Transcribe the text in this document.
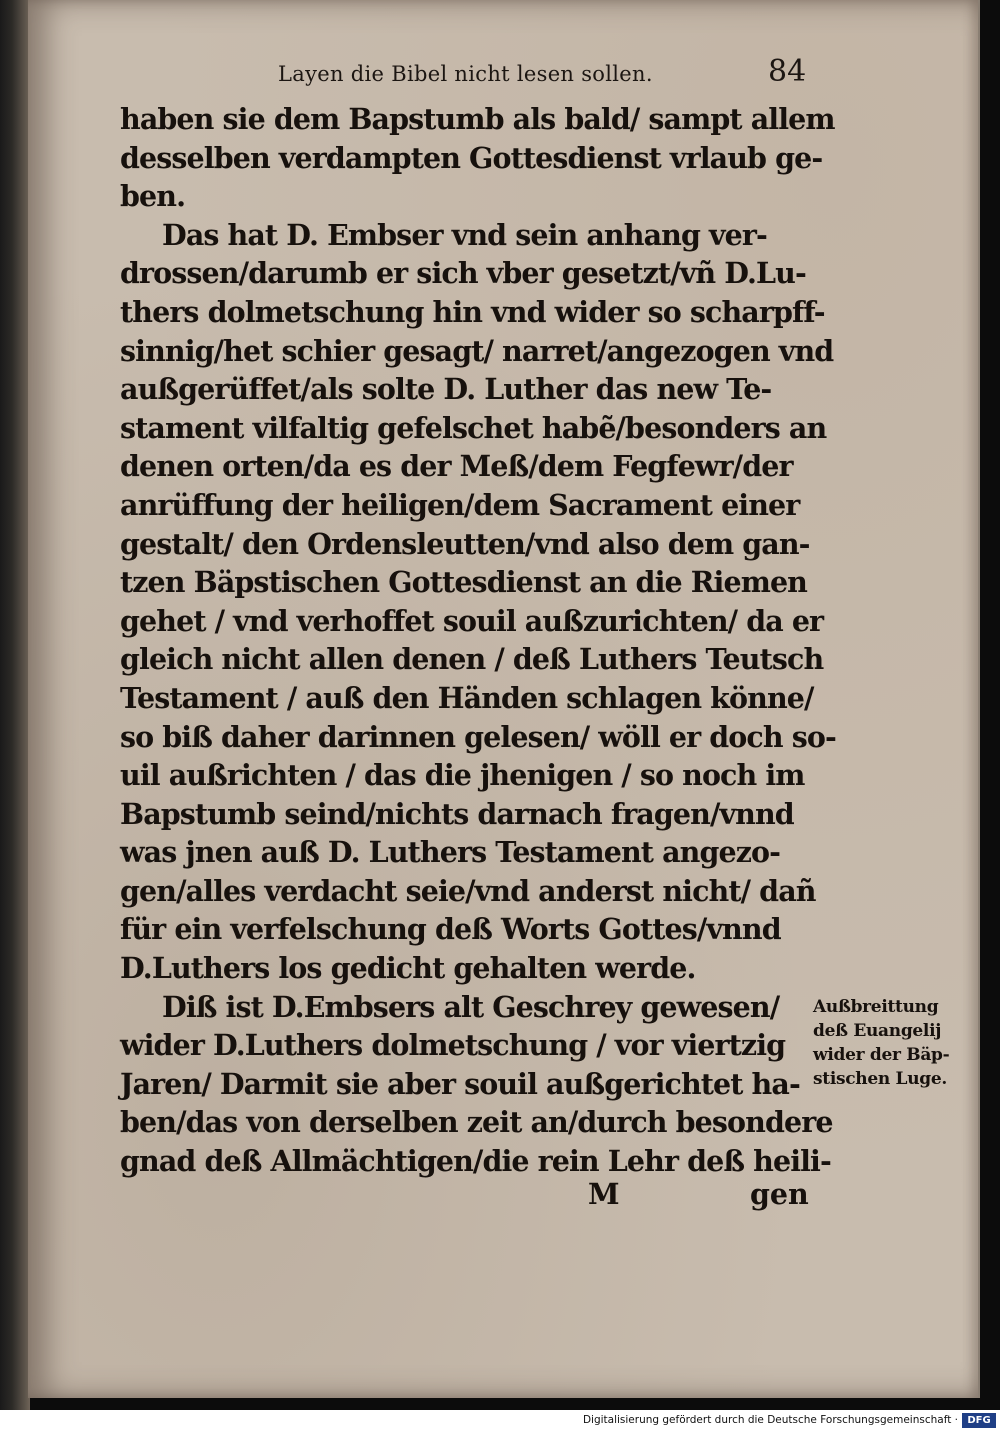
Layen die Bibel nicht lesen sollen.	84
haben sie dem Bapstumb als bald/ sampt allem
desselben verdampten Gottesdienst vrlaub ge-
ben.
Das hat D. Embser vnd sein anhang ver-
drossen/darumb er sich vber gesetzt/vñ D.Lu-
thers dolmetschung hin vnd wider so scharpff-
sinnig/het schier gesagt/ narret/angezogen vnd
außgerüffet/als solte D. Luther das new Te-
stament vilfaltig gefelschet habẽ/besonders an
denen orten/da es der Meß/dem Fegfewr/der
anrüffung der heiligen/dem Sacrament einer
gestalt/ den Ordensleutten/vnd also dem gan-
tzen Bäpstischen Gottesdienst an die Riemen
gehet / vnd verhoffet souil außzurichten/ da er
gleich nicht allen denen / deß Luthers Teutsch
Testament / auß den Händen schlagen könne/
so biß daher darinnen gelesen/ wöll er doch so-
uil außrichten / das die jhenigen / so noch im
Bapstumb seind/nichts darnach fragen/vnnd
was jnen auß D. Luthers Testament angezo-
gen/alles verdacht seie/vnd anderst nicht/ dañ
für ein verfelschung deß Worts Gottes/vnnd
D.Luthers los gedicht gehalten werde.
Diß ist D.Embsers alt Geschrey gewesen/
wider D.Luthers dolmetschung / vor viertzig
Jaren/ Darmit sie aber souil außgerichtet ha-
ben/das von derselben zeit an/durch besondere
gnad deß Allmächtigen/die rein Lehr deß heili-
M	gen
Außbreittung
deß Euangelij
wider der Bäp-
stischen Luge.
Digitalisierung gefördert durch die Deutsche Forschungsgemeinschaft · DFG
